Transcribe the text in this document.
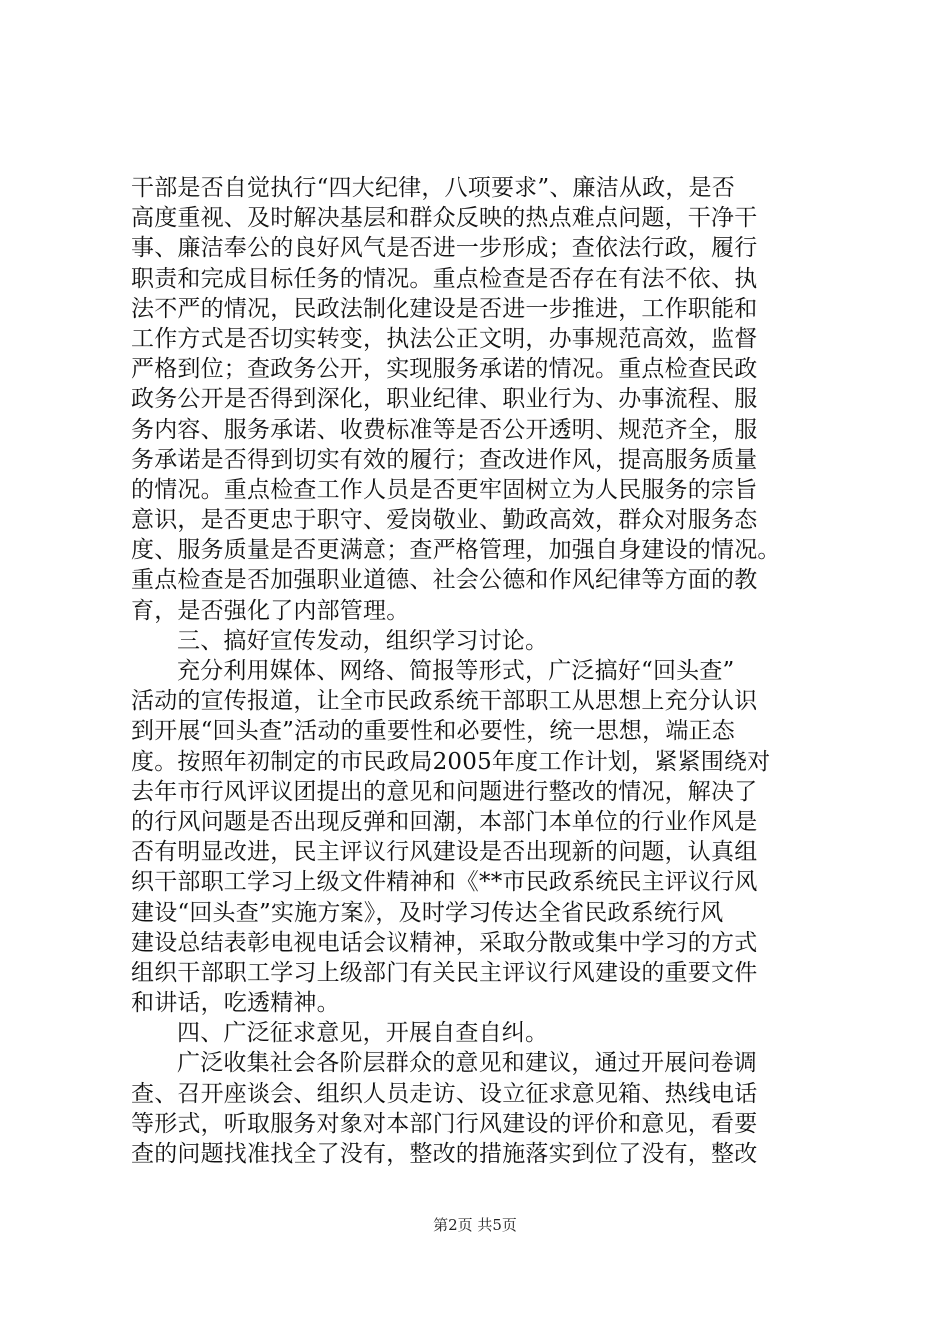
干部是否自觉执行“四大纪律，八项要求”、廉洁从政，是否
高度重视、及时解决基层和群众反映的热点难点问题，干净干
事、廉洁奉公的良好风气是否进一步形成；查依法行政，履行
职责和完成目标任务的情况。重点检查是否存在有法不依、执
法不严的情况，民政法制化建设是否进一步推进，工作职能和
工作方式是否切实转变，执法公正文明，办事规范高效，监督
严格到位；查政务公开，实现服务承诺的情况。重点检查民政
政务公开是否得到深化，职业纪律、职业行为、办事流程、服
务内容、服务承诺、收费标准等是否公开透明、规范齐全，服
务承诺是否得到切实有效的履行；查改进作风，提高服务质量
的情况。重点检查工作人员是否更牢固树立为人民服务的宗旨
意识，是否更忠于职守、爱岗敬业、勤政高效，群众对服务态
度、服务质量是否更满意；查严格管理，加强自身建设的情况。
重点检查是否加强职业道德、社会公德和作风纪律等方面的教
育，是否强化了内部管理。
三、搞好宣传发动，组织学习讨论。
充分利用媒体、网络、简报等形式，广泛搞好“回头查”
活动的宣传报道，让全市民政系统干部职工从思想上充分认识
到开展“回头查”活动的重要性和必要性，统一思想，端正态
度。按照年初制定的市民政局2005年度工作计划，紧紧围绕对
去年市行风评议团提出的意见和问题进行整改的情况，解决了
的行风问题是否出现反弹和回潮，本部门本单位的行业作风是
否有明显改进，民主评议行风建设是否出现新的问题，认真组
织干部职工学习上级文件精神和《**市民政系统民主评议行风
建设“回头查”实施方案》，及时学习传达全省民政系统行风
建设总结表彰电视电话会议精神，采取分散或集中学习的方式
组织干部职工学习上级部门有关民主评议行风建设的重要文件
和讲话，吃透精神。
四、广泛征求意见，开展自查自纠。
广泛收集社会各阶层群众的意见和建议，通过开展问卷调
查、召开座谈会、组织人员走访、设立征求意见箱、热线电话
等形式，听取服务对象对本部门行风建设的评价和意见，看要
查的问题找准找全了没有，整改的措施落实到位了没有，整改
第2页 共5页
